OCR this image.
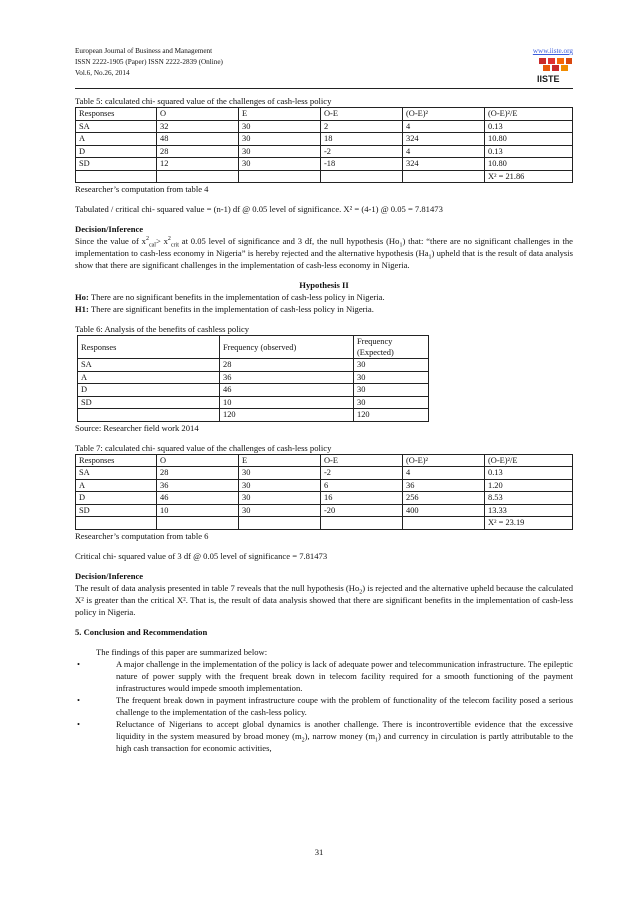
European Journal of Business and Management
ISSN 2222-1905 (Paper) ISSN 2222-2839 (Online)
Vol.6, No.26, 2014
www.iiste.org
IISTE

Table 5: calculated chi- squared value of the challenges of cash-less policy

Responses	O	E	O-E	(O-E)²	(O-E)²/E
SA	32	30	2	4	0.13
A	48	30	18	324	10.80
D	28	30	-2	4	0.13
SD	12	30	-18	324	10.80
					X² = 21.86

Researcher’s computation from table 4

Tabulated / critical chi- squared value = (n-1) df @ 0.05 level of significance. X² = (4-1) @ 0.05 = 7.81473

Decision/Inference

Since the value of $x^2_{cal}> x^2_{crit}$ at 0.05 level of significance and 3 df, the null hypothesis $(Ho_1)$ that: “there are no significant challenges in the implementation to cash-less economy in Nigeria” is hereby rejected and the alternative hypothesis $(Ha_1)$ upheld that is the result of data analysis show that there are significant challenges in the implementation of cash-less economy in Nigeria.

Hypothesis II

Ho: There are no significant benefits in the implementation of cash-less policy in Nigeria.

H1: There are significant benefits in the implementation of cash-less policy in Nigeria.

Table 6: Analysis of the benefits of cashless policy

Responses	Frequency (observed)	Frequency (Expected)
SA	28	30
A	36	30
D	46	30
SD	10	30
	120	120

Source: Researcher field work 2014

Table 7: calculated chi- squared value of the challenges of cash-less policy

Responses	O	E	O-E	(O-E)²	(O-E)²/E
SA	28	30	-2	4	0.13
A	36	30	6	36	1.20
D	46	30	16	256	8.53
SD	10	30	-20	400	13.33
					X² = 23.19

Researcher’s computation from table 6

Critical chi- squared value of 3 df @ 0.05 level of significance = 7.81473

Decision/Inference

The result of data analysis presented in table 7 reveals that the null hypothesis $(Ho_2)$ is rejected and the alternative upheld because the calculated X² is greater than the critical X². That is, the result of data analysis showed that there are significant benefits in the implementation of cash-less policy in Nigeria.

5. Conclusion and Recommendation

The findings of this paper are summarized below:

•	A major challenge in the implementation of the policy is lack of adequate power and telecommunication infrastructure. The epileptic nature of power supply with the frequent break down in telecom facility required for a smooth functioning of the payment infrastructures would impede smooth implementation.
•	The frequent break down in payment infrastructure coupe with the problem of functionality of the telecom facility posed a serious challenge to the implementation of the cash-less policy.
•	Reluctance of Nigerians to accept global dynamics is another challenge. There is incontrovertible evidence that the excessive liquidity in the system measured by broad money $(m_2)$, narrow money $(m_1)$ and currency in circulation is partly attributable to the high cash transaction for economic activities,
31
